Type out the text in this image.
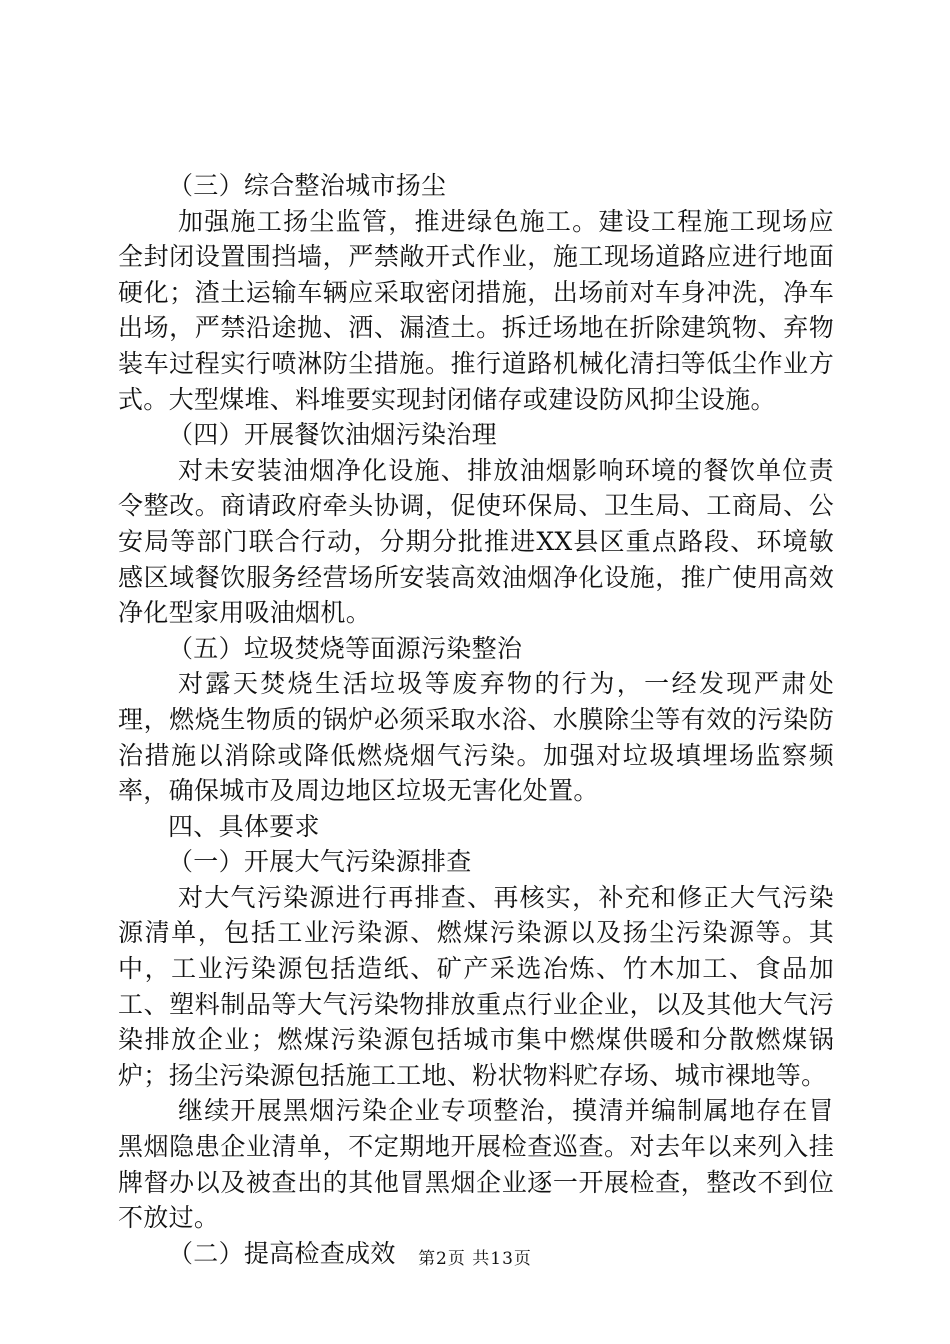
（三）综合整治城市扬尘

加强施工扬尘监管，推进绿色施工。建设工程施工现场应全封闭设置围挡墙，严禁敞开式作业，施工现场道路应进行地面硬化；渣土运输车辆应采取密闭措施，出场前对车身冲洗，净车出场，严禁沿途抛、洒、漏渣土。拆迁场地在折除建筑物、弃物装车过程实行喷淋防尘措施。推行道路机械化清扫等低尘作业方式。大型煤堆、料堆要实现封闭储存或建设防风抑尘设施。

（四）开展餐饮油烟污染治理

对未安装油烟净化设施、排放油烟影响环境的餐饮单位责令整改。商请政府牵头协调，促使环保局、卫生局、工商局、公安局等部门联合行动，分期分批推进XX县区重点路段、环境敏感区域餐饮服务经营场所安装高效油烟净化设施，推广使用高效净化型家用吸油烟机。

（五）垃圾焚烧等面源污染整治

对露天焚烧生活垃圾等废弃物的行为，一经发现严肃处理，燃烧生物质的锅炉必须采取水浴、水膜除尘等有效的污染防治措施以消除或降低燃烧烟气污染。加强对垃圾填埋场监察频率，确保城市及周边地区垃圾无害化处置。

四、具体要求

（一）开展大气污染源排查

对大气污染源进行再排查、再核实，补充和修正大气污染源清单，包括工业污染源、燃煤污染源以及扬尘污染源等。其中，工业污染源包括造纸、矿产采选冶炼、竹木加工、食品加工、塑料制品等大气污染物排放重点行业企业，以及其他大气污染排放企业；燃煤污染源包括城市集中燃煤供暖和分散燃煤锅炉；扬尘污染源包括施工工地、粉状物料贮存场、城市裸地等。

继续开展黑烟污染企业专项整治，摸清并编制属地存在冒黑烟隐患企业清单，不定期地开展检查巡查。对去年以来列入挂牌督办以及被查出的其他冒黑烟企业逐一开展检查，整改不到位不放过。

（二）提高检查成效	第2页 共13页
